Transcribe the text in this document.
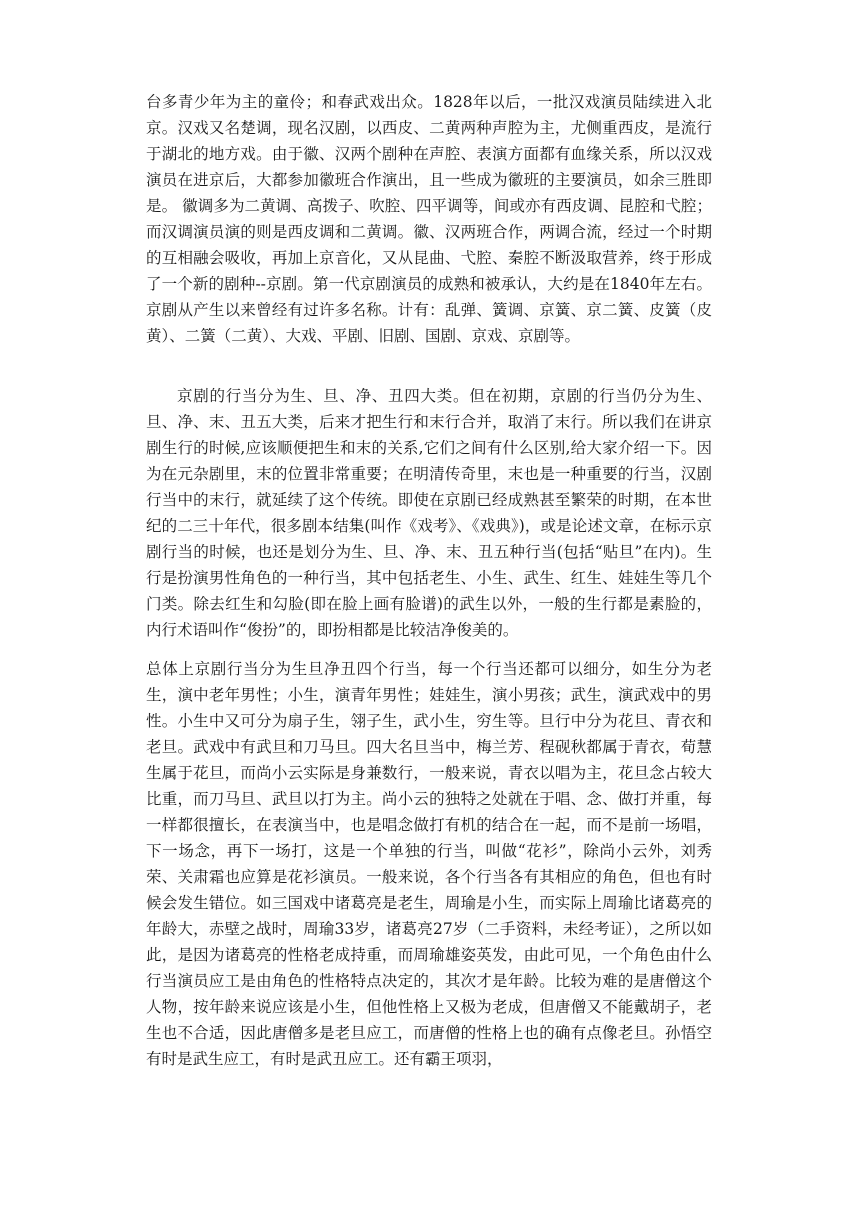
台多青少年为主的童伶；和春武戏出众。1828年以后，一批汉戏演员陆续进入北京。汉戏又名楚调，现名汉剧，以西皮、二黄两种声腔为主，尤侧重西皮，是流行于湖北的地方戏。由于徽、汉两个剧种在声腔、表演方面都有血缘关系，所以汉戏演员在进京后，大都参加徽班合作演出，且一些成为徽班的主要演员，如余三胜即是。 徽调多为二黄调、高拨子、吹腔、四平调等，间或亦有西皮调、昆腔和弋腔；而汉调演员演的则是西皮调和二黄调。徽、汉两班合作，两调合流，经过一个时期的互相融会吸收，再加上京音化，又从昆曲、弋腔、秦腔不断汲取营养，终于形成了一个新的剧种--京剧。第一代京剧演员的成熟和被承认，大约是在1840年左右。京剧从产生以来曾经有过许多名称。计有：乱弹、簧调、京簧、京二簧、皮簧（皮黄）、二簧（二黄）、大戏、平剧、旧剧、国剧、京戏、京剧等。

京剧的行当分为生、旦、净、丑四大类。但在初期，京剧的行当仍分为生、旦、净、末、丑五大类，后来才把生行和末行合并，取消了末行。所以我们在讲京剧生行的时候,应该顺便把生和末的关系,它们之间有什么区别,给大家介绍一下。因为在元杂剧里，末的位置非常重要；在明清传奇里，末也是一种重要的行当，汉剧行当中的末行，就延续了这个传统。即使在京剧已经成熟甚至繁荣的时期，在本世纪的二三十年代，很多剧本结集(叫作《戏考》、《戏典》)，或是论述文章，在标示京剧行当的时候，也还是划分为生、旦、净、末、丑五种行当(包括“贴旦”在内)。生行是扮演男性角色的一种行当，其中包括老生、小生、武生、红生、娃娃生等几个门类。除去红生和勾脸(即在脸上画有脸谱)的武生以外，一般的生行都是素脸的，内行术语叫作“俊扮”的，即扮相都是比较洁净俊美的。

总体上京剧行当分为生旦净丑四个行当，每一个行当还都可以细分，如生分为老生，演中老年男性；小生，演青年男性；娃娃生，演小男孩；武生，演武戏中的男性。小生中又可分为扇子生，翎子生，武小生，穷生等。旦行中分为花旦、青衣和老旦。武戏中有武旦和刀马旦。四大名旦当中，梅兰芳、程砚秋都属于青衣，荀慧生属于花旦，而尚小云实际是身兼数行，一般来说，青衣以唱为主，花旦念占较大比重，而刀马旦、武旦以打为主。尚小云的独特之处就在于唱、念、做打并重，每一样都很擅长，在表演当中，也是唱念做打有机的结合在一起，而不是前一场唱，下一场念，再下一场打，这是一个单独的行当，叫做“花衫”，除尚小云外，刘秀荣、关肃霜也应算是花衫演员。一般来说，各个行当各有其相应的角色，但也有时候会发生错位。如三国戏中诸葛亮是老生，周瑜是小生，而实际上周瑜比诸葛亮的年龄大，赤壁之战时，周瑜33岁，诸葛亮27岁（二手资料，未经考证），之所以如此，是因为诸葛亮的性格老成持重，而周瑜雄姿英发，由此可见，一个角色由什么行当演员应工是由角色的性格特点决定的，其次才是年龄。比较为难的是唐僧这个人物，按年龄来说应该是小生，但他性格上又极为老成，但唐僧又不能戴胡子，老生也不合适，因此唐僧多是老旦应工，而唐僧的性格上也的确有点像老旦。孙悟空有时是武生应工，有时是武丑应工。还有霸王项羽，
